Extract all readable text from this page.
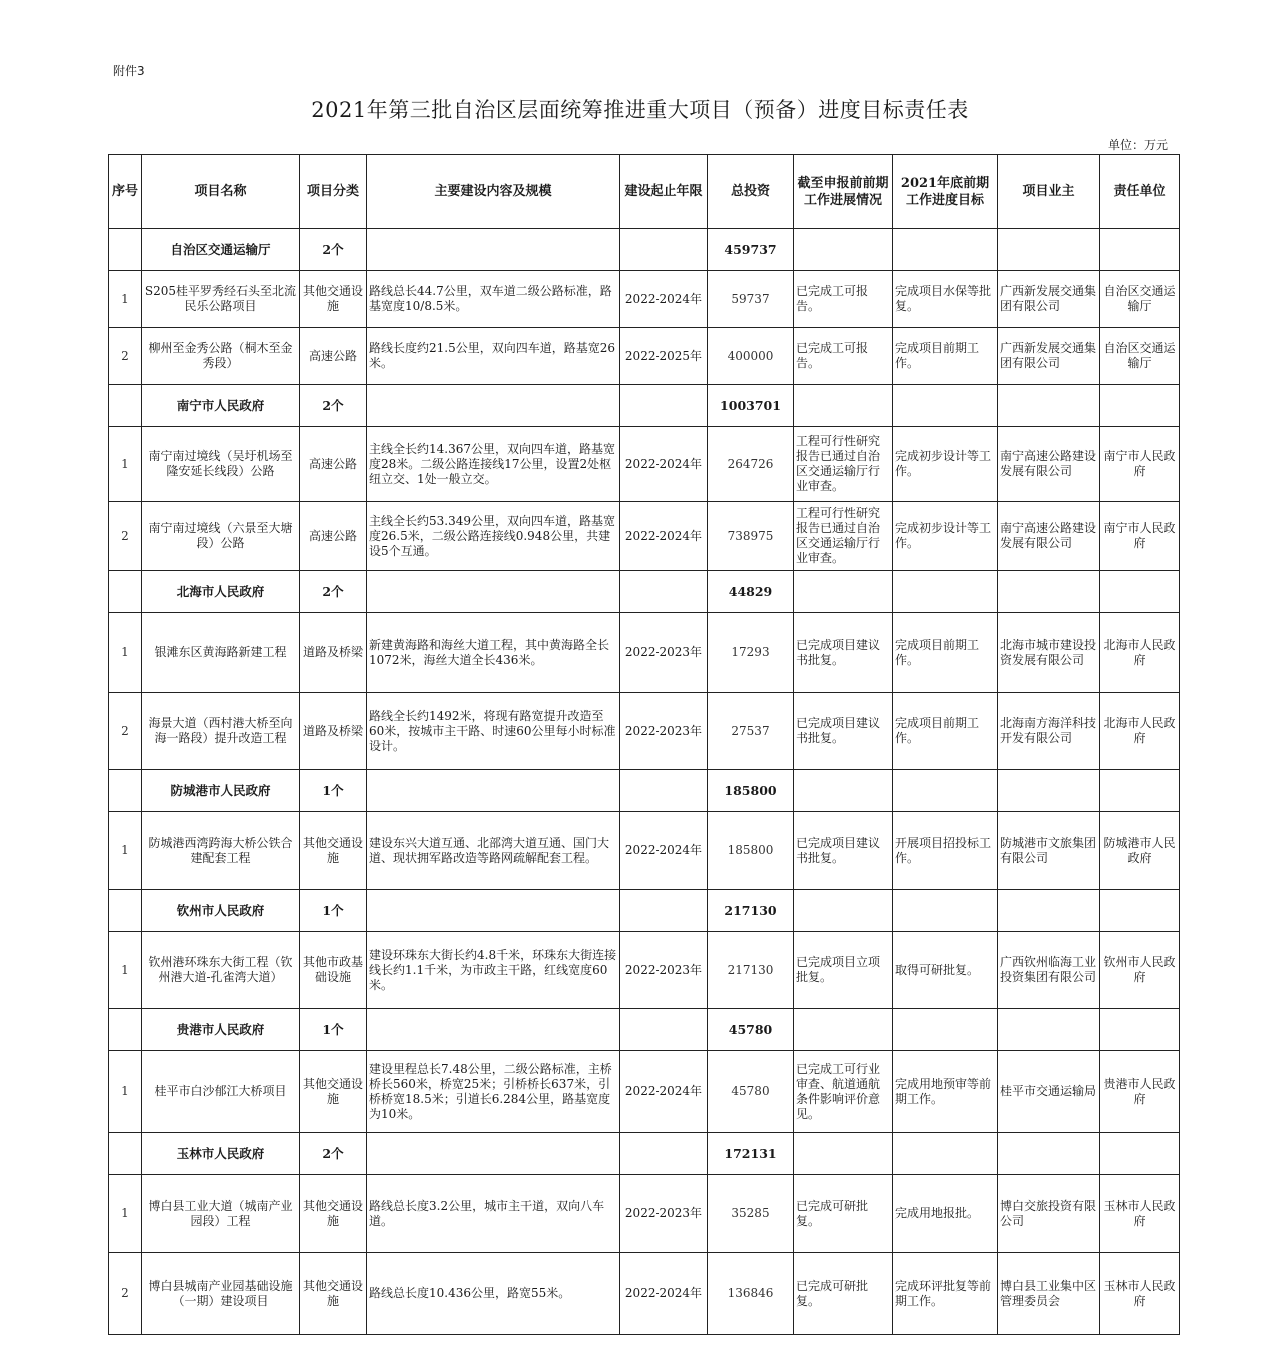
附件3
2021年第三批自治区层面统筹推进重大项目（预备）进度目标责任表
单位：万元
序号	项目名称	项目分类	主要建设内容及规模	建设起止年限	总投资	截至申报前前期工作进展情况	2021年底前期工作进度目标	项目业主	责任单位
	自治区交通运输厅	2个			459737				
1	S205桂平罗秀经石头至北流民乐公路项目	其他交通设施	路线总长44.7公里，双车道二级公路标准，路基宽度10/8.5米。	2022-2024年	59737	已完成工可报告。	完成项目水保等批复。	广西新发展交通集团有限公司	自治区交通运输厅
2	柳州至金秀公路（桐木至金秀段）	高速公路	路线长度约21.5公里，双向四车道，路基宽26米。	2022-2025年	400000	已完成工可报告。	完成项目前期工作。	广西新发展交通集团有限公司	自治区交通运输厅
	南宁市人民政府	2个			1003701				
1	南宁南过境线（吴圩机场至隆安延长线段）公路	高速公路	主线全长约14.367公里，双向四车道，路基宽度28米。二级公路连接线17公里，设置2处枢纽立交、1处一般立交。	2022-2024年	264726	工程可行性研究报告已通过自治区交通运输厅行业审查。	完成初步设计等工作。	南宁高速公路建设发展有限公司	南宁市人民政府
2	南宁南过境线（六景至大塘段）公路	高速公路	主线全长约53.349公里，双向四车道，路基宽度26.5米，二级公路连接线0.948公里，共建设5个互通。	2022-2024年	738975	工程可行性研究报告已通过自治区交通运输厅行业审查。	完成初步设计等工作。	南宁高速公路建设发展有限公司	南宁市人民政府
	北海市人民政府	2个			44829				
1	银滩东区黄海路新建工程	道路及桥梁	新建黄海路和海丝大道工程，其中黄海路全长1072米，海丝大道全长436米。	2022-2023年	17293	已完成项目建议书批复。	完成项目前期工作。	北海市城市建设投资发展有限公司	北海市人民政府
2	海景大道（西村港大桥至向海一路段）提升改造工程	道路及桥梁	路线全长约1492米，将现有路宽提升改造至60米，按城市主干路、时速60公里每小时标准设计。	2022-2023年	27537	已完成项目建议书批复。	完成项目前期工作。	北海南方海洋科技开发有限公司	北海市人民政府
	防城港市人民政府	1个			185800				
1	防城港西湾跨海大桥公铁合建配套工程	其他交通设施	建设东兴大道互通、北部湾大道互通、国门大道、现状拥军路改造等路网疏解配套工程。	2022-2024年	185800	已完成项目建议书批复。	开展项目招投标工作。	防城港市文旅集团有限公司	防城港市人民政府
	钦州市人民政府	1个			217130				
1	钦州港环珠东大街工程（钦州港大道-孔雀湾大道）	其他市政基础设施	建设环珠东大街长约4.8千米，环珠东大街连接线长约1.1千米，为市政主干路，红线宽度60米。	2022-2023年	217130	已完成项目立项批复。	取得可研批复。	广西钦州临海工业投资集团有限公司	钦州市人民政府
	贵港市人民政府	1个			45780				
1	桂平市白沙郁江大桥项目	其他交通设施	建设里程总长7.48公里，二级公路标准，主桥桥长560米，桥宽25米；引桥桥长637米，引桥桥宽18.5米；引道长6.284公里，路基宽度为10米。	2022-2024年	45780	已完成工可行业审查、航道通航条件影响评价意见。	完成用地预审等前期工作。	桂平市交通运输局	贵港市人民政府
	玉林市人民政府	2个			172131				
1	博白县工业大道（城南产业园段）工程	其他交通设施	路线总长度3.2公里，城市主干道，双向八车道。	2022-2023年	35285	已完成可研批复。	完成用地报批。	博白交旅投资有限公司	玉林市人民政府
2	博白县城南产业园基础设施（一期）建设项目	其他交通设施	路线总长度10.436公里，路宽55米。	2022-2024年	136846	已完成可研批复。	完成环评批复等前期工作。	博白县工业集中区管理委员会	玉林市人民政府
